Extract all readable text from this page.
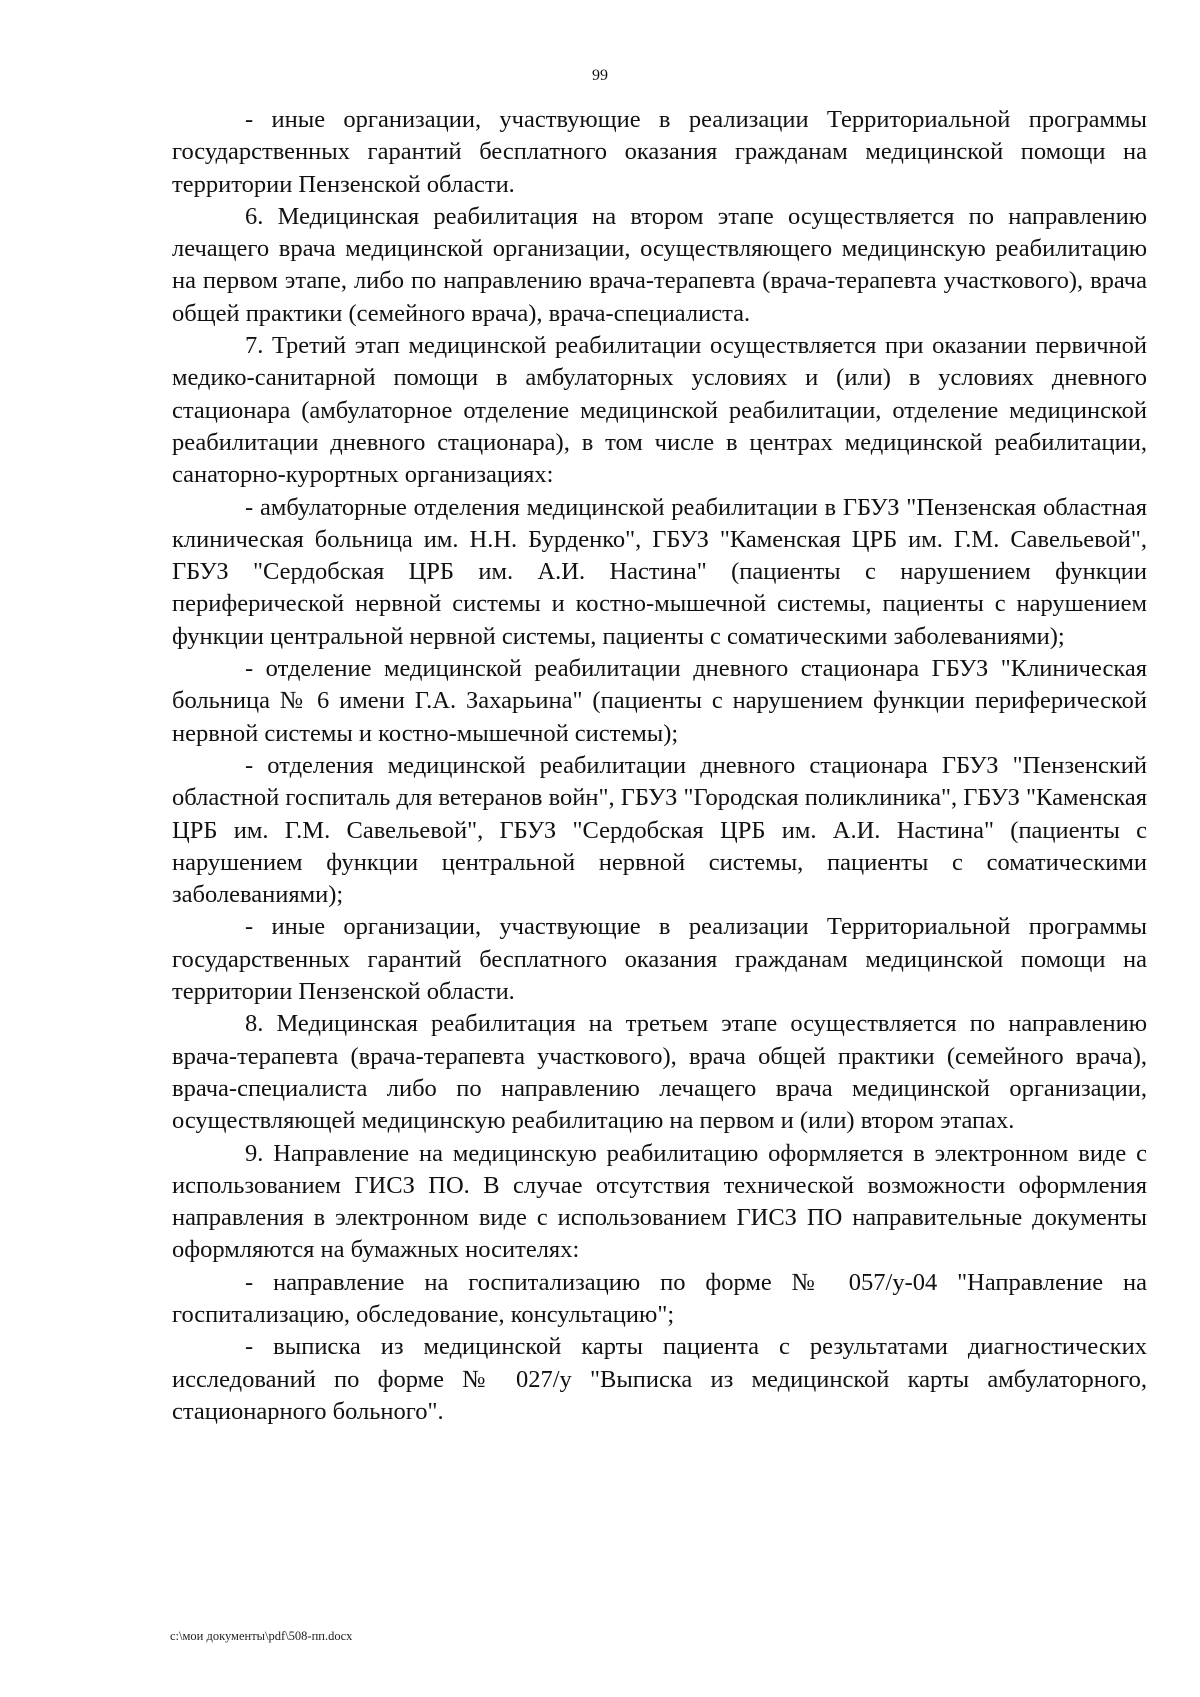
99

- иные организации, участвующие в реализации Территориальной программы государственных гарантий бесплатного оказания гражданам медицинской помощи на территории Пензенской области.

6. Медицинская реабилитация на втором этапе осуществляется по направлению лечащего врача медицинской организации, осуществляющего медицинскую реабилитацию на первом этапе, либо по направлению врача-терапевта (врача-терапевта участкового), врача общей практики (семейного врача), врача-специалиста.

7. Третий этап медицинской реабилитации осуществляется при оказании первичной медико-санитарной помощи в амбулаторных условиях и (или) в условиях дневного стационара (амбулаторное отделение медицинской реабилитации, отделение медицинской реабилитации дневного стационара), в том числе в центрах медицинской реабилитации, санаторно-курортных организациях:

- амбулаторные отделения медицинской реабилитации в ГБУЗ "Пензенская областная клиническая больница им. Н.Н. Бурденко", ГБУЗ "Каменская ЦРБ им. Г.М. Савельевой", ГБУЗ "Сердобская ЦРБ им. А.И. Настина" (пациенты с нарушением функции периферической нервной системы и костно-мышечной системы, пациенты с нарушением функции центральной нервной системы, пациенты с соматическими заболеваниями);

- отделение медицинской реабилитации дневного стационара ГБУЗ "Клиническая больница № 6 имени Г.А. Захарьина" (пациенты с нарушением функции периферической нервной системы и костно-мышечной системы);

- отделения медицинской реабилитации дневного стационара ГБУЗ "Пензенский областной госпиталь для ветеранов войн", ГБУЗ "Городская поликлиника", ГБУЗ "Каменская ЦРБ им. Г.М. Савельевой", ГБУЗ "Сердобская ЦРБ им. А.И. Настина" (пациенты с нарушением функции центральной нервной системы, пациенты с соматическими заболеваниями);

- иные организации, участвующие в реализации Территориальной программы государственных гарантий бесплатного оказания гражданам медицинской помощи на территории Пензенской области.

8. Медицинская реабилитация на третьем этапе осуществляется по направлению врача-терапевта (врача-терапевта участкового), врача общей практики (семейного врача), врача-специалиста либо по направлению лечащего врача медицинской организации, осуществляющей медицинскую реабилитацию на первом и (или) втором этапах.

9. Направление на медицинскую реабилитацию оформляется в электронном виде с использованием ГИСЗ ПО. В случае отсутствия технической возможности оформления направления в электронном виде с использованием ГИСЗ ПО направительные документы оформляются на бумажных носителях:

- направление на госпитализацию по форме № 057/у-04 "Направление на госпитализацию, обследование, консультацию";

- выписка из медицинской карты пациента с результатами диагностических исследований по форме № 027/у "Выписка из медицинской карты амбулаторного, стационарного больного".

c:\мои документы\pdf\508-пп.docx
